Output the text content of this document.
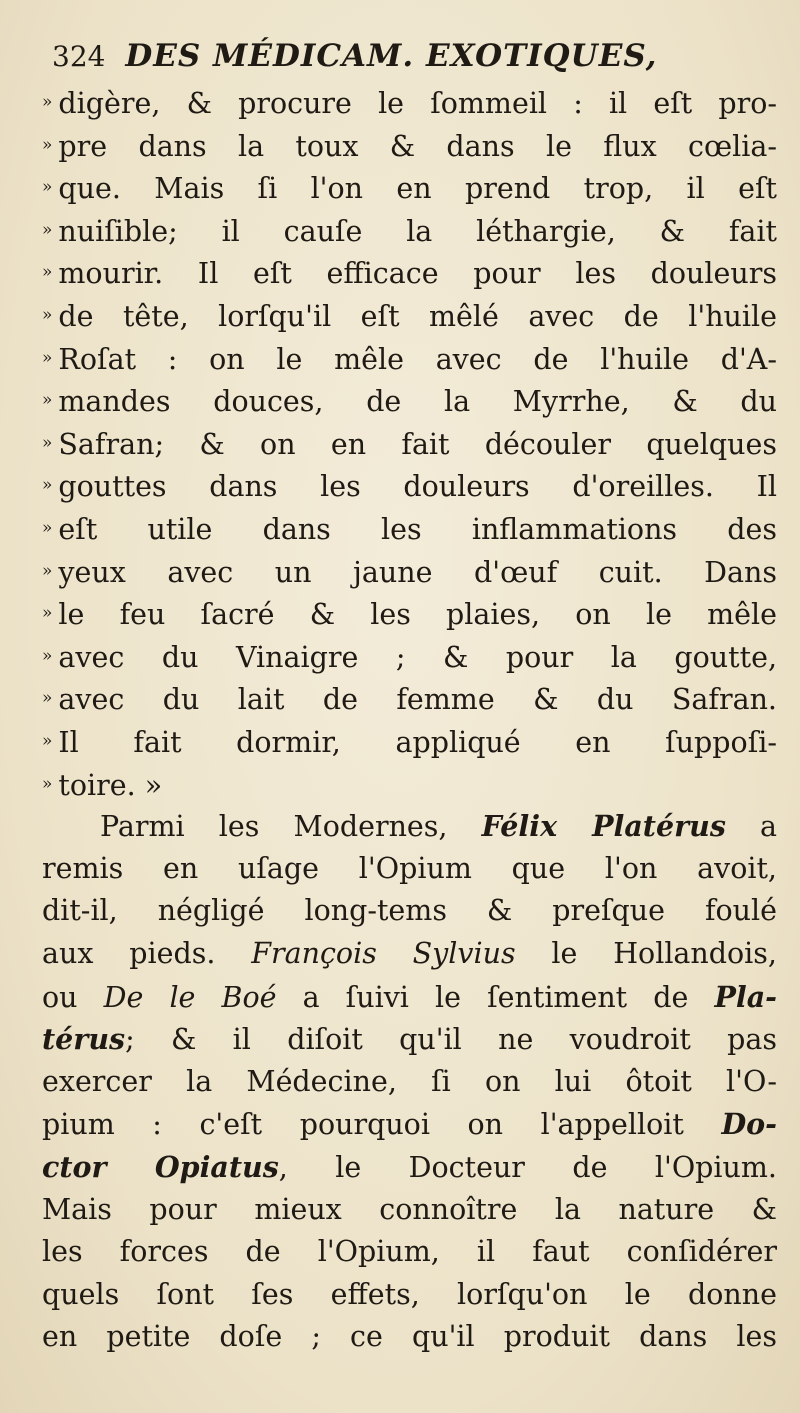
324 DES MÉDICAM. EXOTIQUES,
» digère, & procure le ſommeil : il eſt pro-
» pre dans la toux & dans le flux cœlia-
» que. Mais ſi l'on en prend trop, il eſt
» nuiſible; il cauſe la léthargie, & fait
» mourir. Il eſt efficace pour les douleurs
» de tête, lorſqu'il eſt mêlé avec de l'huile
» Roſat : on le mêle avec de l'huile d'A-
» mandes douces, de la Myrrhe, & du
» Safran; & on en fait découler quelques
» gouttes dans les douleurs d'oreilles. Il
» eſt utile dans les inflammations des
» yeux avec un jaune d'œuf cuit. Dans
» le feu ſacré & les plaies, on le mêle
» avec du Vinaigre ; & pour la goutte,
» avec du lait de femme & du Safran.
» Il fait dormir, appliqué en ſuppoſi-
» toire. »
Parmi les Modernes, Félix Platérus a
remis en uſage l'Opium que l'on avoit,
dit-il, négligé long-tems & preſque foulé
aux pieds. François Sylvius le Hollandois,
ou De le Boé a ſuivi le ſentiment de Pla-
térus; & il diſoit qu'il ne voudroit pas
exercer la Médecine, ſi on lui ôtoit l'O-
pium : c'eſt pourquoi on l'appelloit Do-
ctor Opiatus, le Docteur de l'Opium.
Mais pour mieux connoître la nature &
les forces de l'Opium, il faut conſidérer
quels ſont ſes effets, lorſqu'on le donne
en petite doſe ; ce qu'il produit dans les
